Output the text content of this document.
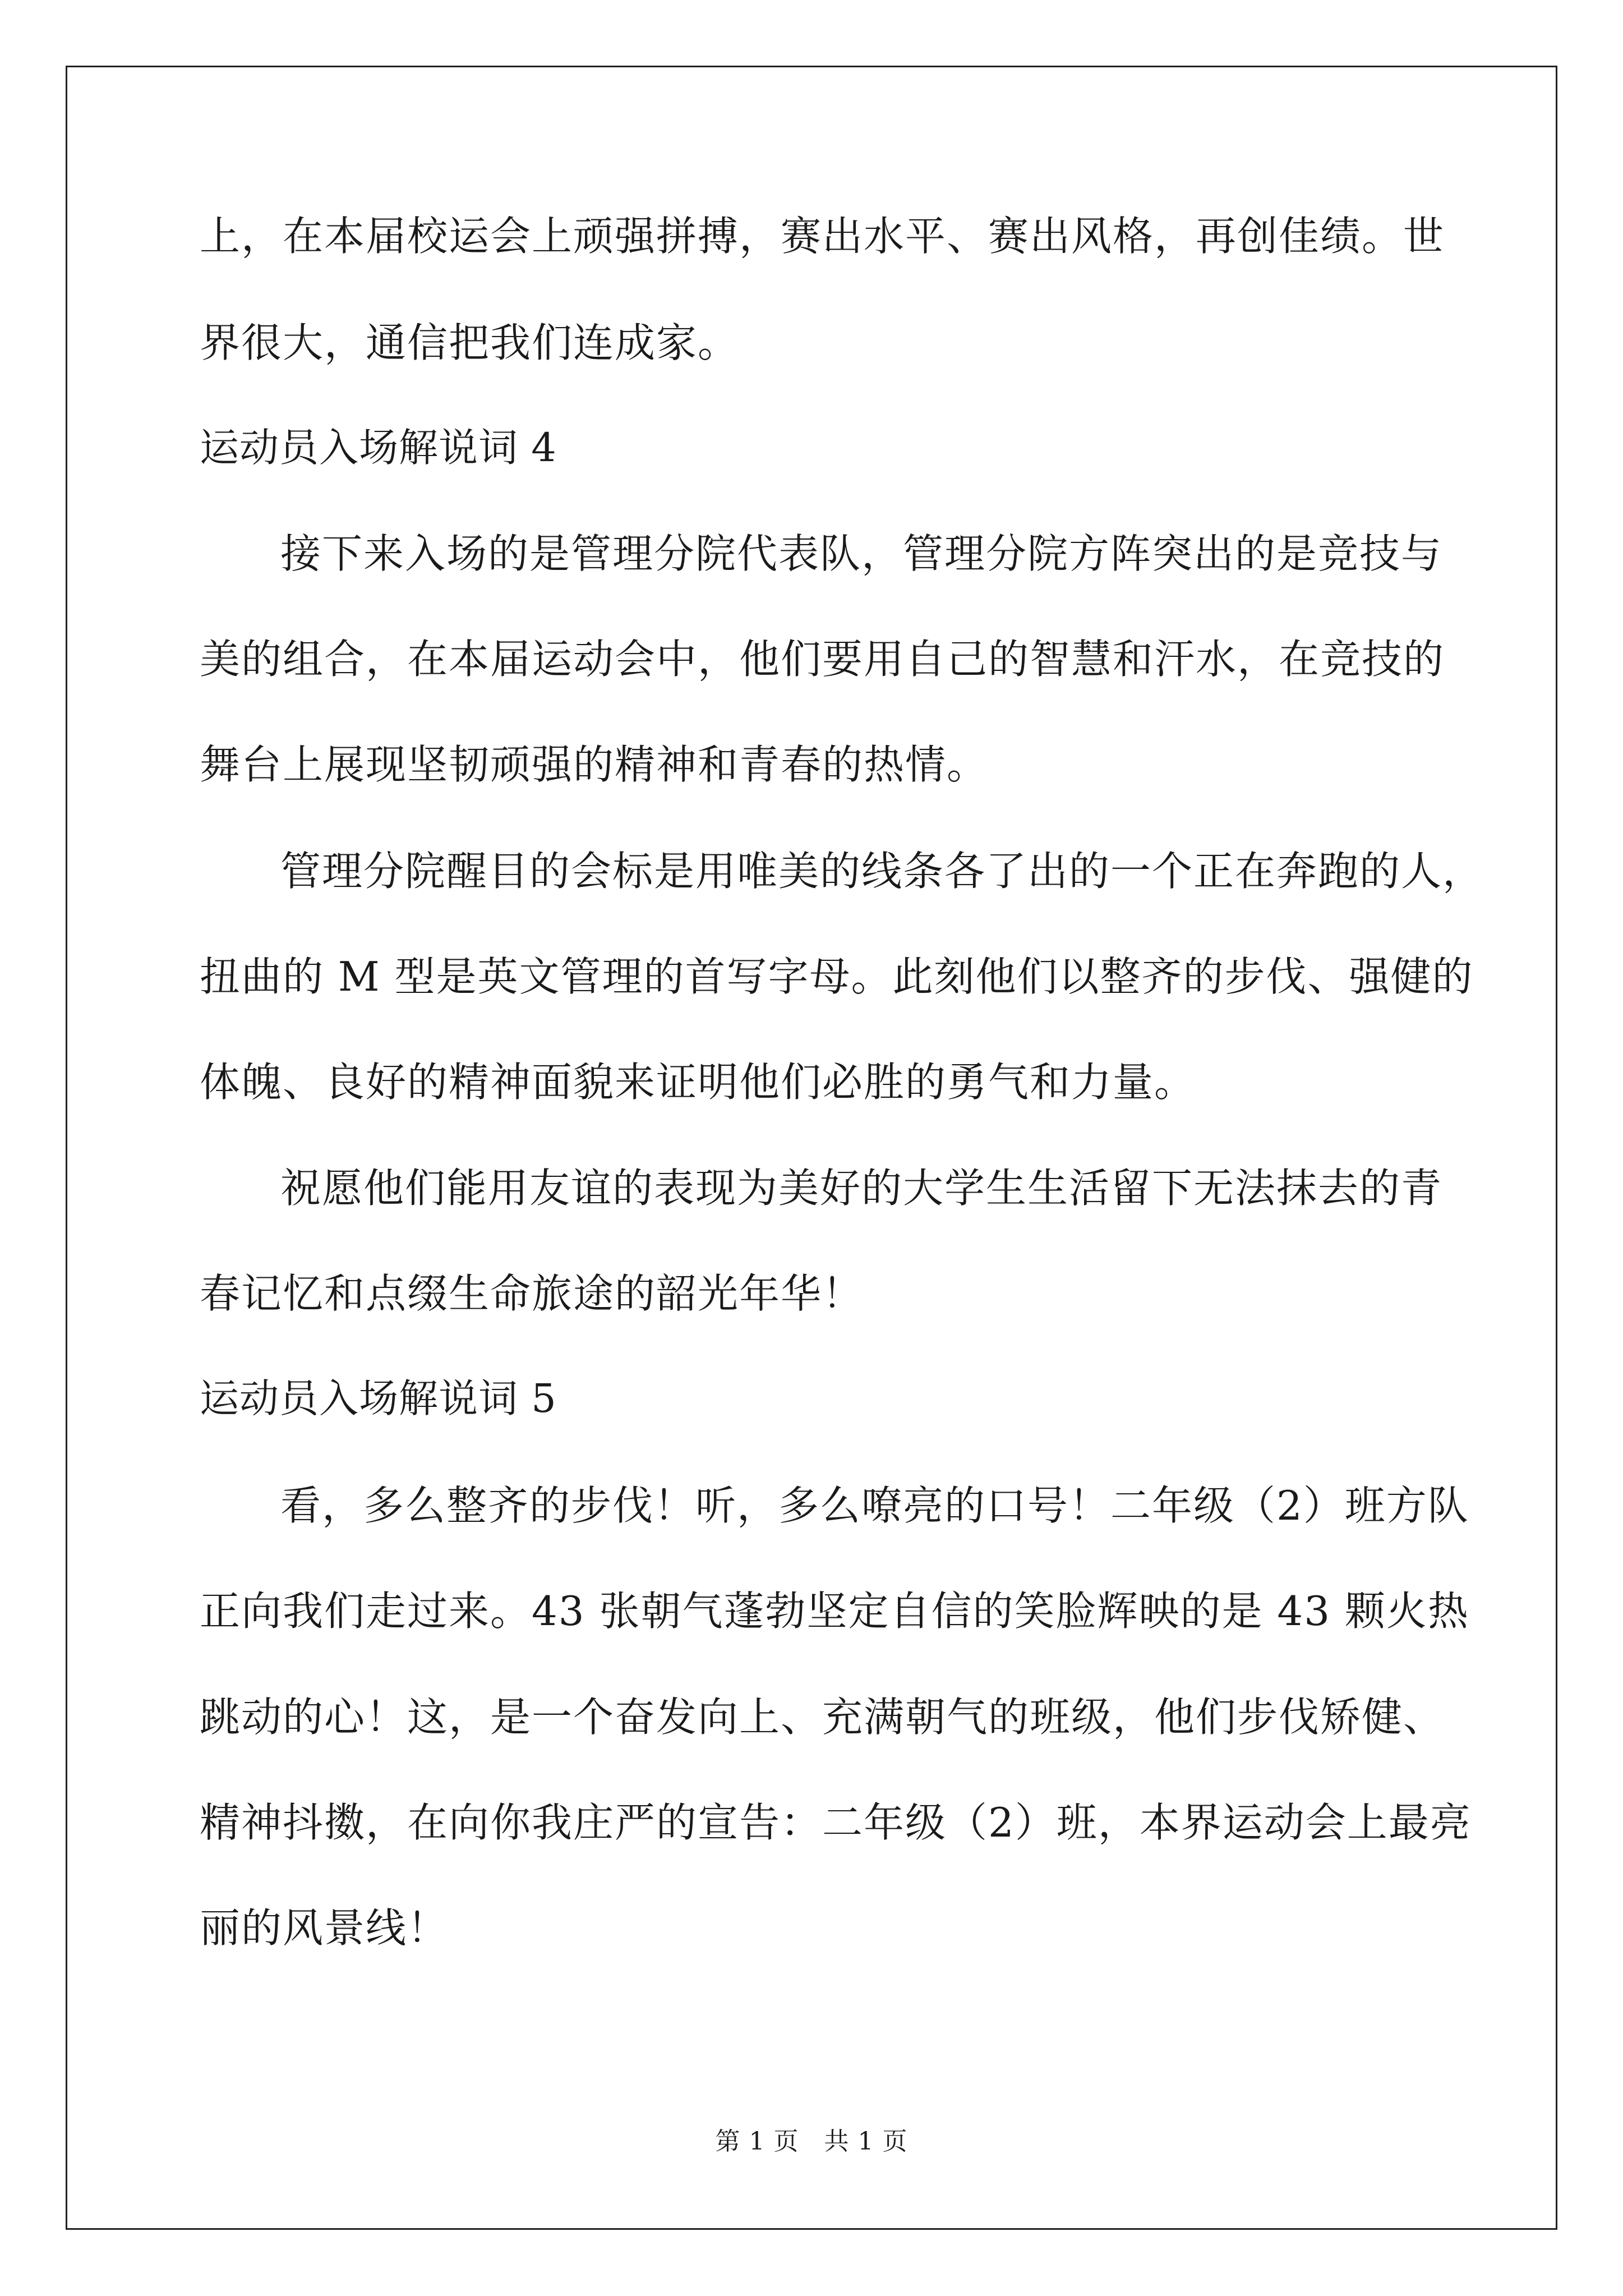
上，在本届校运会上顽强拼搏，赛出水平、赛出风格，再创佳绩。世
界很大，通信把我们连成家。
运动员入场解说词 4
接下来入场的是管理分院代表队，管理分院方阵突出的是竞技与
美的组合，在本届运动会中，他们要用自己的智慧和汗水，在竞技的
舞台上展现坚韧顽强的精神和青春的热情。
管理分院醒目的会标是用唯美的线条各了出的一个正在奔跑的人，
扭曲的 M 型是英文管理的首写字母。此刻他们以整齐的步伐、强健的
体魄、良好的精神面貌来证明他们必胜的勇气和力量。
祝愿他们能用友谊的表现为美好的大学生生活留下无法抹去的青
春记忆和点缀生命旅途的韶光年华！
运动员入场解说词 5
看，多么整齐的步伐！听，多么嘹亮的口号！二年级（2）班方队
正向我们走过来。43 张朝气蓬勃坚定自信的笑脸辉映的是 43 颗火热
跳动的心！这，是一个奋发向上、充满朝气的班级，他们步伐矫健、
精神抖擞，在向你我庄严的宣告：二年级（2）班，本界运动会上最亮
丽的风景线！
第 1 页　共 1 页
